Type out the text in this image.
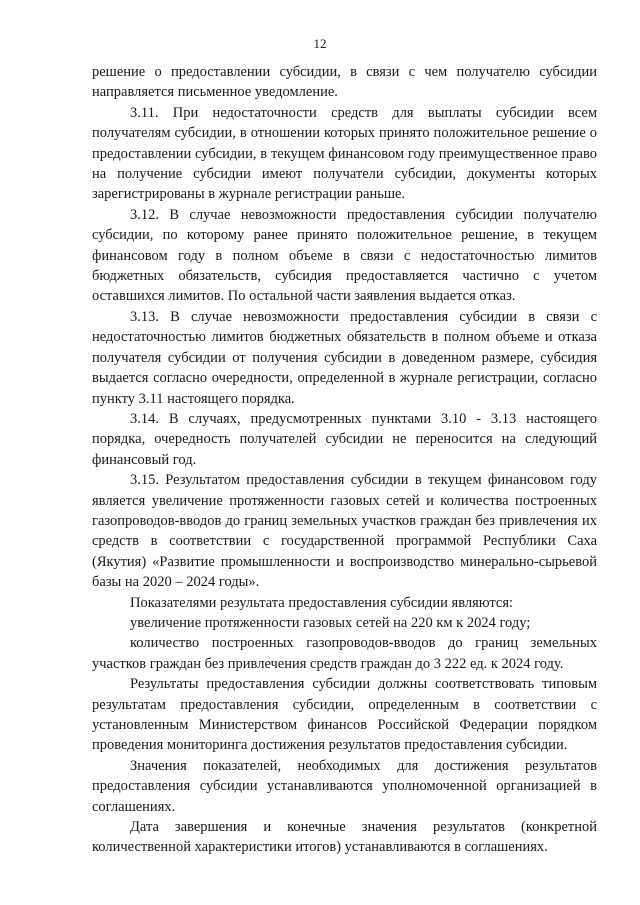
12

решение о предоставлении субсидии, в связи с чем получателю субсидии направляется письменное уведомление.

3.11. При недостаточности средств для выплаты субсидии всем получателям субсидии, в отношении которых принято положительное решение о предоставлении субсидии, в текущем финансовом году преимущественное право на получение субсидии имеют получатели субсидии, документы которых зарегистрированы в журнале регистрации раньше.

3.12. В случае невозможности предоставления субсидии получателю субсидии, по которому ранее принято положительное решение, в текущем финансовом году в полном объеме в связи с недостаточностью лимитов бюджетных обязательств, субсидия предоставляется частично с учетом оставшихся лимитов. По остальной части заявления выдается отказ.

3.13. В случае невозможности предоставления субсидии в связи с недостаточностью лимитов бюджетных обязательств в полном объеме и отказа получателя субсидии от получения субсидии в доведенном размере, субсидия выдается согласно очередности, определенной в журнале регистрации, согласно пункту 3.11 настоящего порядка.

3.14. В случаях, предусмотренных пунктами 3.10 - 3.13 настоящего порядка, очередность получателей субсидии не переносится на следующий финансовый год.

3.15. Результатом предоставления субсидии в текущем финансовом году является увеличение протяженности газовых сетей и количества построенных газопроводов-вводов до границ земельных участков граждан без привлечения их средств в соответствии с государственной программой Республики Саха (Якутия) «Развитие промышленности и воспроизводство минерально-сырьевой базы на 2020 – 2024 годы».

Показателями результата предоставления субсидии являются:

увеличение протяженности газовых сетей на 220 км к 2024 году;

количество построенных газопроводов-вводов до границ земельных участков граждан без привлечения средств граждан до 3 222 ед. к 2024 году.

Результаты предоставления субсидии должны соответствовать типовым результатам предоставления субсидии, определенным в соответствии с установленным Министерством финансов Российской Федерации порядком проведения мониторинга достижения результатов предоставления субсидии.

Значения показателей, необходимых для достижения результатов предоставления субсидии устанавливаются уполномоченной организацией в соглашениях.

Дата завершения и конечные значения результатов (конкретной количественной характеристики итогов) устанавливаются в соглашениях.
